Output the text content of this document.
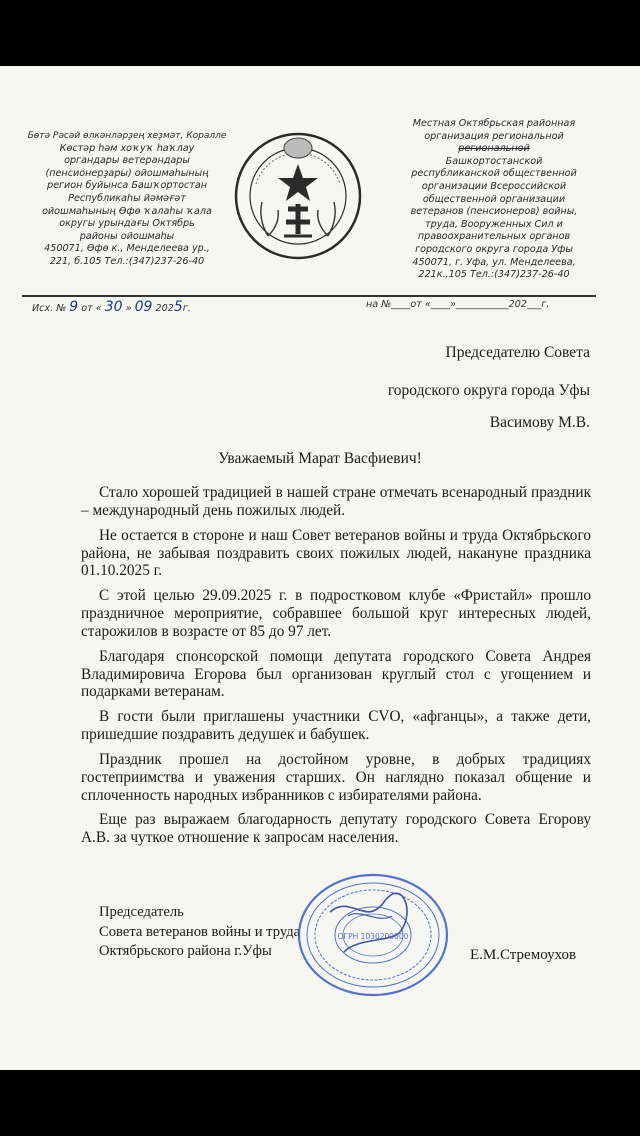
Бөтә Рәсәй өлкәнләрҙең хеҙмәт, Коралле
Көстәр һәм хоҡуҡ һаҡлау
органдары ветерандары
(пенсионерҙары) ойошмаһының
регион буйынса Башҡортостан
Республикаһы йәмәғәт
ойошмаһының Өфө ҡалаһы ҡала
округы урындағы Октябрь
районы ойошмаһы
450071, Өфө к., Менделеева ур.,
221, б.105 Тел.:(347)237-26-40
Местная Октябрьская районная
организация региональной
региональной
Башкортостанской
республиканской общественной
организации Всероссийской
общественной организации
ветеранов (пенсионеров) войны,
труда, Вооруженных Сил и
правоохранительных органов
городского округа города Уфы
450071, г. Уфа, ул. Менделеева,
221к.,105 Тел.:(347)237-26-40
Исх. № 9 от « 30 » 09 2025г.	на №____от «____»___________202___г.
Председателю Совета
городского округа города Уфы
Васимову М.В.
Уважаемый Марат Васфиевич!

Стало хорошей традицией в нашей стране отмечать всенародный праздник – международный день пожилых людей.

Не остается в стороне и наш Совет ветеранов войны и труда Октябрьского района, не забывая поздравить своих пожилых людей, накануне праздника 01.10.2025 г.

С этой целью 29.09.2025 г. в подростковом клубе «Фристайл» прошло праздничное мероприятие, собравшее большой круг интересных людей, старожилов в возрасте от 85 до 97 лет.

Благодаря спонсорской помощи депутата городского Совета Андрея Владимировича Егорова был организован круглый стол с угощением и подарками ветеранам.

В гости были приглашены участники СVО, «афганцы», а также дети, пришедшие поздравить дедушек и бабушек.

Праздник прошел на достойном уровне, в добрых традициях гостеприимства и уважения старших. Он наглядно показал общение и сплоченность народных избранников с избирателями района.

Еще раз выражаем благодарность депутату городского Совета Егорову А.В. за чуткое отношение к запросам населения.

Председатель
Совета ветеранов войны и труда
Октябрьского района г.Уфы	Е.М.Стремоухов
ОГРН 1030200000
